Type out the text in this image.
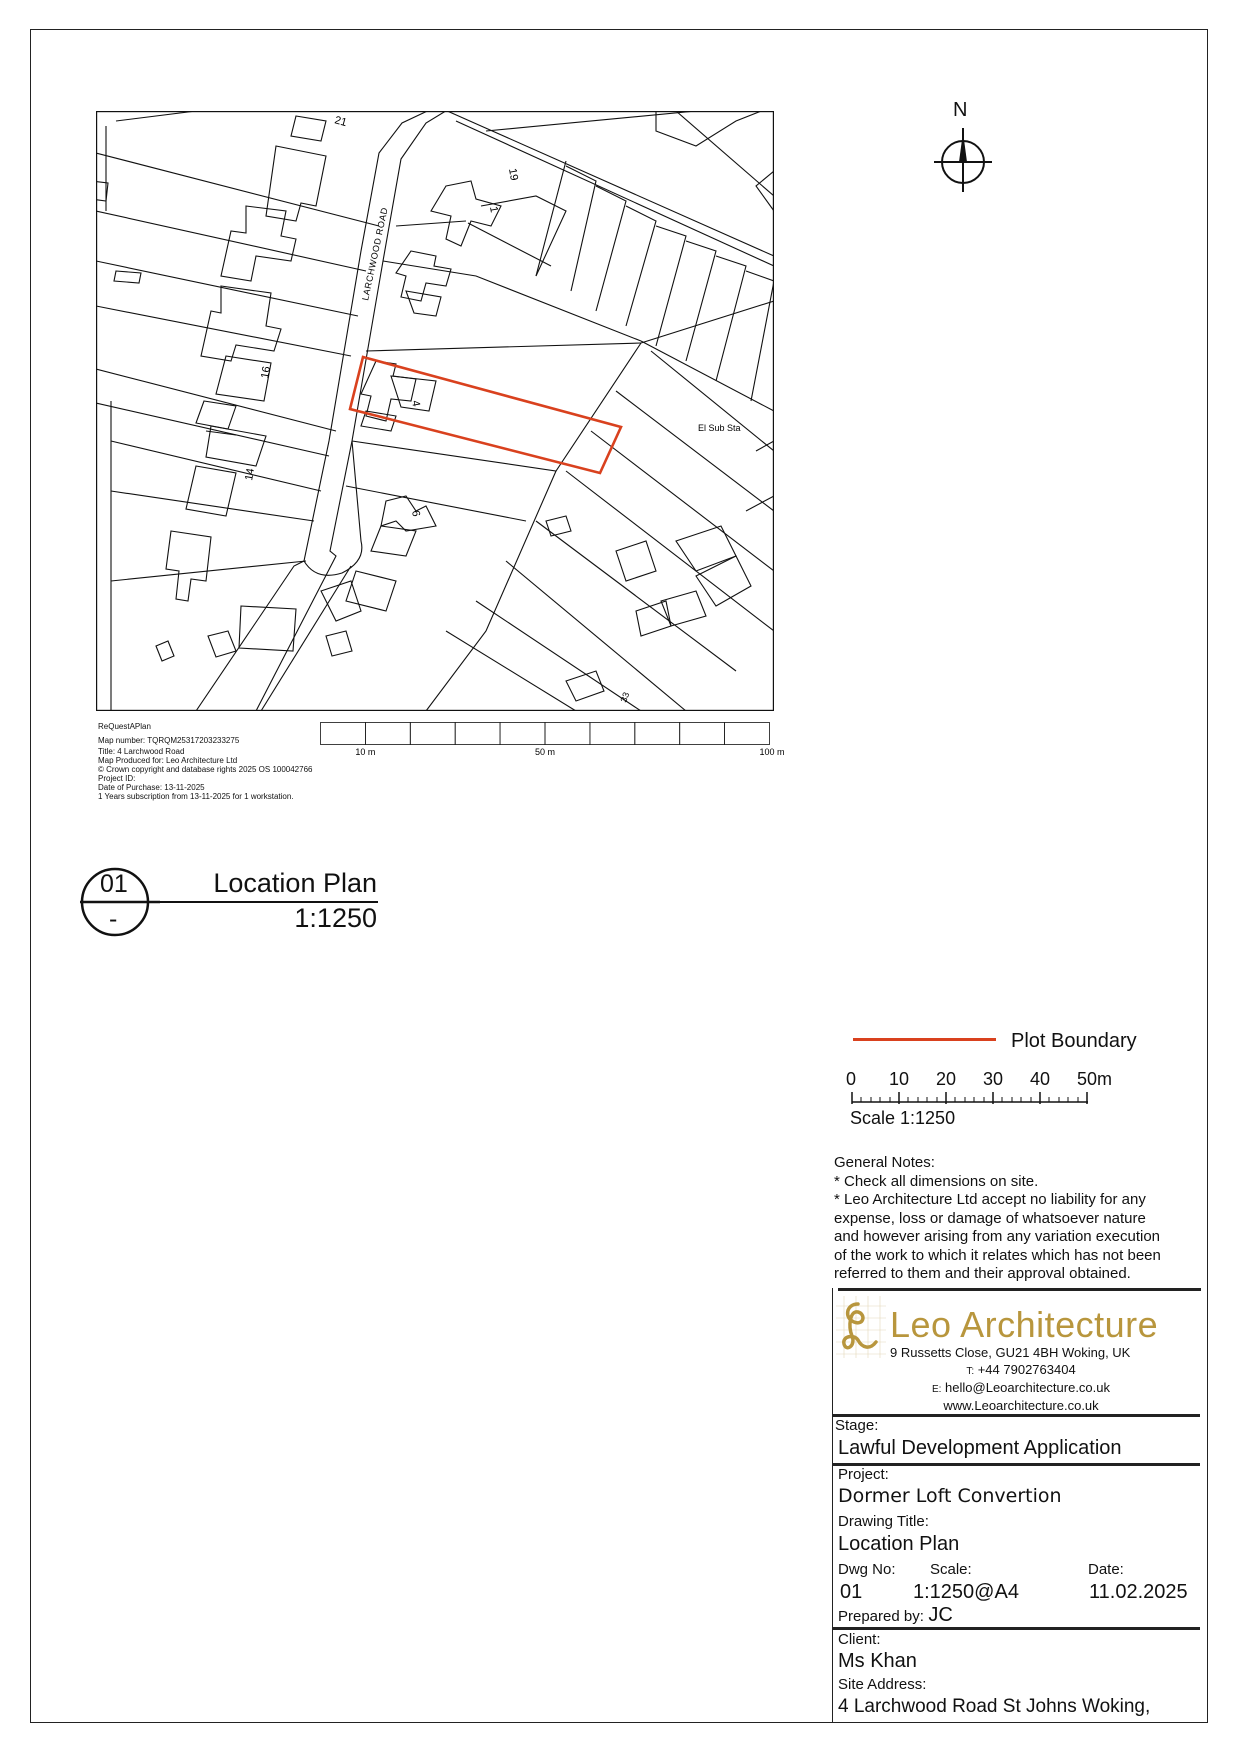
LARCHWOOD ROAD
21
19
1
16
4
14
6
33
El Sub Sta
N
ReQuestAPlan
Map number: TQRQM25317203233275
Title: 4 Larchwood Road
Map Produced for: Leo Architecture Ltd
© Crown copyright and database rights 2025 OS 100042766
Project ID:
Date of Purchase: 13-11-2025
1 Years subscription from 13-11-2025 for 1 workstation.
10 m	50 m	100 m
01
-
Location Plan
1:1250
Plot Boundary
0 10 20 30 40 50m
Scale 1:1250
General Notes:
* Check all dimensions on site.
* Leo Architecture Ltd accept no liability for any
expense, loss or damage of whatsoever nature
and however arising from any variation execution
of the work to which it relates which has not been
referred to them and their approval obtained.
Leo Architecture
9 Russetts Close, GU21 4BH Woking, UK
T: +44 7902763404
E: hello@Leoarchitecture.co.uk
www.Leoarchitecture.co.uk
Stage:
Lawful Development Application
Project:
Dormer Loft Convertion
Drawing Title:
Location Plan
Dwg No: Scale:	Date:
01	1:1250@A4	11.02.2025
Prepared by: JC
Client:
Ms Khan
Site Address:
4 Larchwood Road St Johns Woking,
